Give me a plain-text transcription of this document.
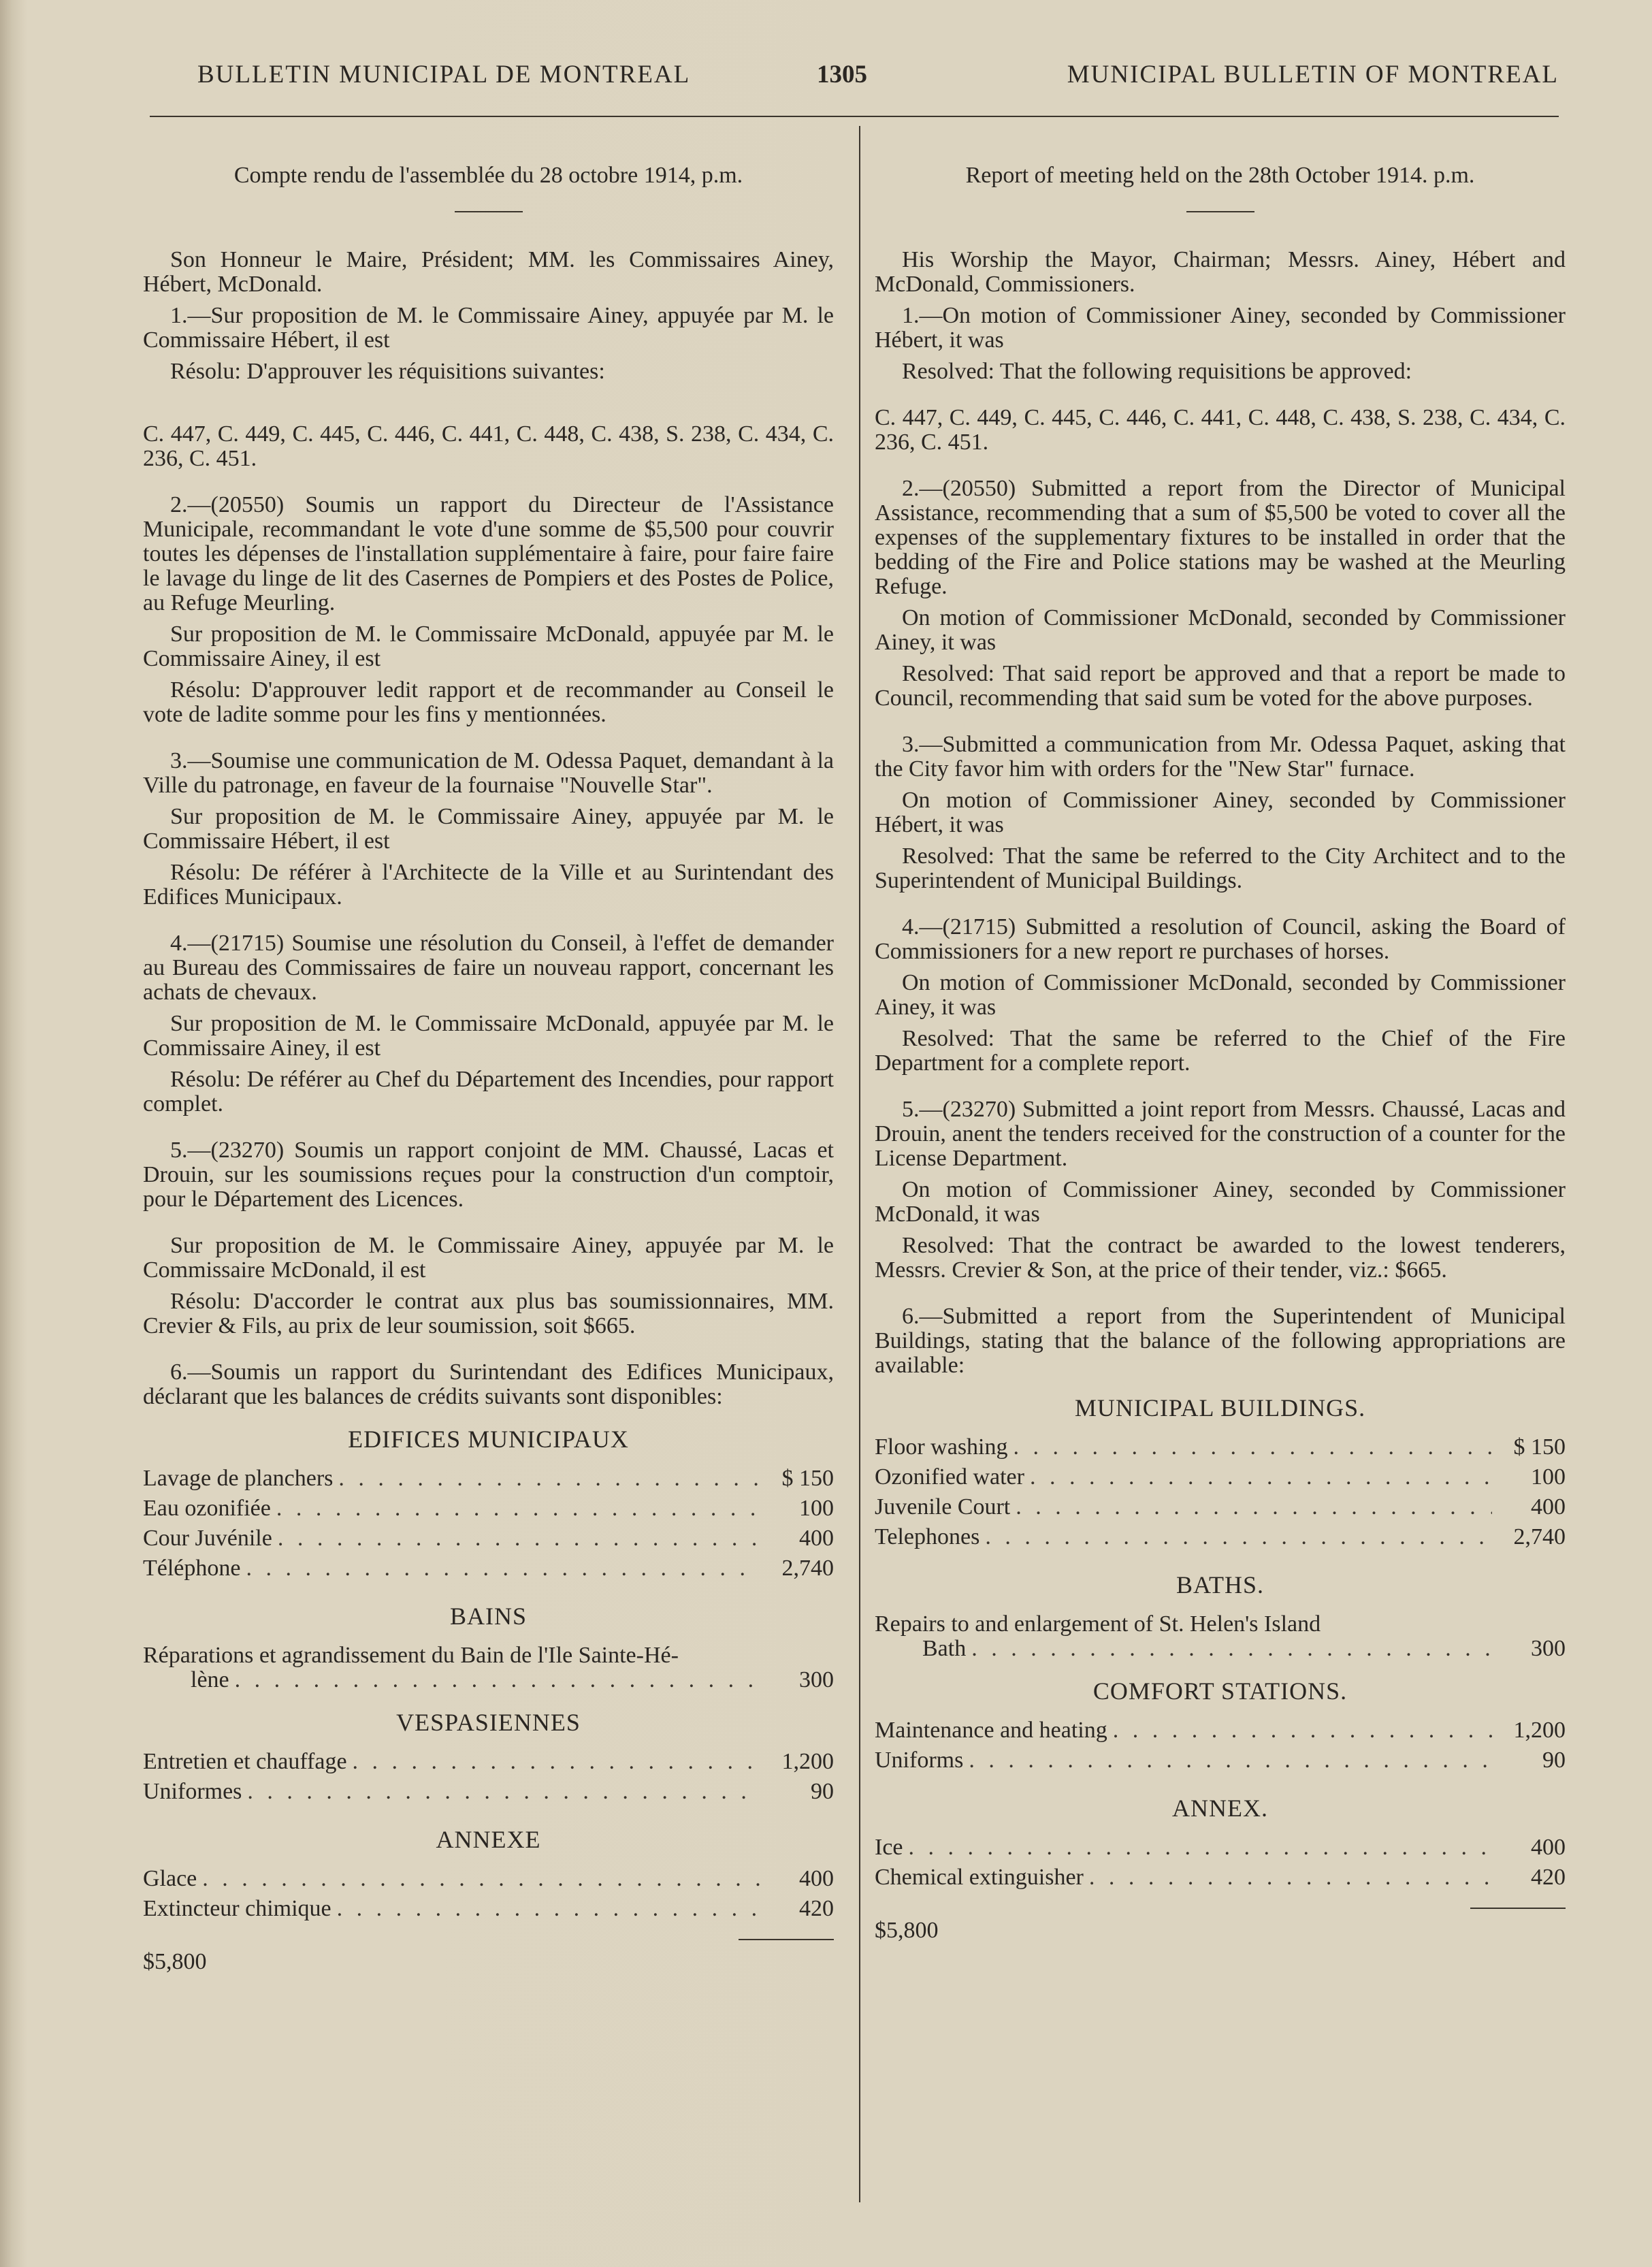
BULLETIN MUNICIPAL DE MONTREAL	1305	MUNICIPAL BULLETIN OF MONTREAL

Compte rendu de l'assemblée du 28 octobre 1914, p.m.

Son Honneur le Maire, Président; MM. les Commissaires Ainey, Hébert, McDonald.

1.—Sur proposition de M. le Commissaire Ainey, appuyée par M. le Commissaire Hébert, il est

Résolu: D'approuver les réquisitions suivantes:

C. 447, C. 449, C. 445, C. 446, C. 441, C. 448, C. 438, S. 238, C. 434, C. 236, C. 451.

2.—(20550) Soumis un rapport du Directeur de l'Assistance Municipale, recommandant le vote d'une somme de $5,500 pour couvrir toutes les dépenses de l'installation supplémentaire à faire, pour faire faire le lavage du linge de lit des Casernes de Pompiers et des Postes de Police, au Refuge Meurling.

Sur proposition de M. le Commissaire McDonald, appuyée par M. le Commissaire Ainey, il est

Résolu: D'approuver ledit rapport et de recommander au Conseil le vote de ladite somme pour les fins y mentionnées.

3.—Soumise une communication de M. Odessa Paquet, demandant à la Ville du patronage, en faveur de la fournaise "Nouvelle Star".

Sur proposition de M. le Commissaire Ainey, appuyée par M. le Commissaire Hébert, il est

Résolu: De référer à l'Architecte de la Ville et au Surintendant des Edifices Municipaux.

4.—(21715) Soumise une résolution du Conseil, à l'effet de demander au Bureau des Commissaires de faire un nouveau rapport, concernant les achats de chevaux.

Sur proposition de M. le Commissaire McDonald, appuyée par M. le Commissaire Ainey, il est

Résolu: De référer au Chef du Département des Incendies, pour rapport complet.

5.—(23270) Soumis un rapport conjoint de MM. Chaussé, Lacas et Drouin, sur les soumissions reçues pour la construction d'un comptoir, pour le Département des Licences.

Sur proposition de M. le Commissaire Ainey, appuyée par M. le Commissaire McDonald, il est

Résolu: D'accorder le contrat aux plus bas soumissionnaires, MM. Crevier & Fils, au prix de leur soumission, soit $665.

6.—Soumis un rapport du Surintendant des Edifices Municipaux, déclarant que les balances de crédits suivants sont disponibles:

EDIFICES MUNICIPAUX
Lavage de planchers . . .	$ 150
Eau ozonifiée . . .	100
Cour Juvénile . . .	400
Téléphone . . .	2,740
BAINS
Réparations et agrandissement du Bain de l'Ile Sainte-Hé-
lène . . .	300
VESPASIENNES
Entretien et chauffage . . .	1,200
Uniformes . . .	90
ANNEXE
Glace . . .	400
Extincteur chimique . . .	420

$5,800

Report of meeting held on the 28th October 1914. p.m.

His Worship the Mayor, Chairman; Messrs. Ainey, Hébert and McDonald, Commissioners.

1.—On motion of Commissioner Ainey, seconded by Commissioner Hébert, it was

Resolved: That the following requisitions be approved:

C. 447, C. 449, C. 445, C. 446, C. 441, C. 448, C. 438, S. 238, C. 434, C. 236, C. 451.

2.—(20550) Submitted a report from the Director of Municipal Assistance, recommending that a sum of $5,500 be voted to cover all the expenses of the supplementary fixtures to be installed in order that the bedding of the Fire and Police stations may be washed at the Meurling Refuge.

On motion of Commissioner McDonald, seconded by Commissioner Ainey, it was

Resolved: That said report be approved and that a report be made to Council, recommending that said sum be voted for the above purposes.

3.—Submitted a communication from Mr. Odessa Paquet, asking that the City favor him with orders for the "New Star" furnace.

On motion of Commissioner Ainey, seconded by Commissioner Hébert, it was

Resolved: That the same be referred to the City Architect and to the Superintendent of Municipal Buildings.

4.—(21715) Submitted a resolution of Council, asking the Board of Commissioners for a new report re purchases of horses.

On motion of Commissioner McDonald, seconded by Commissioner Ainey, it was

Resolved: That the same be referred to the Chief of the Fire Department for a complete report.

5.—(23270) Submitted a joint report from Messrs. Chaussé, Lacas and Drouin, anent the tenders received for the construction of a counter for the License Department.

On motion of Commissioner Ainey, seconded by Commissioner McDonald, it was

Resolved: That the contract be awarded to the lowest tenderers, Messrs. Crevier & Son, at the price of their tender, viz.: $665.

6.—Submitted a report from the Superintendent of Municipal Buildings, stating that the balance of the following appropriations are available:

MUNICIPAL BUILDINGS.
Floor washing . . .	$ 150
Ozonified water . . .	100
Juvenile Court . . .	400
Telephones . . .	2,740
BATHS.
Repairs to and enlargement of St. Helen's Island
Bath . . .	300
COMFORT STATIONS.
Maintenance and heating . . .	1,200
Uniforms . . .	90
ANNEX.
Ice . . .	400
Chemical extinguisher . . .	420

$5,800
